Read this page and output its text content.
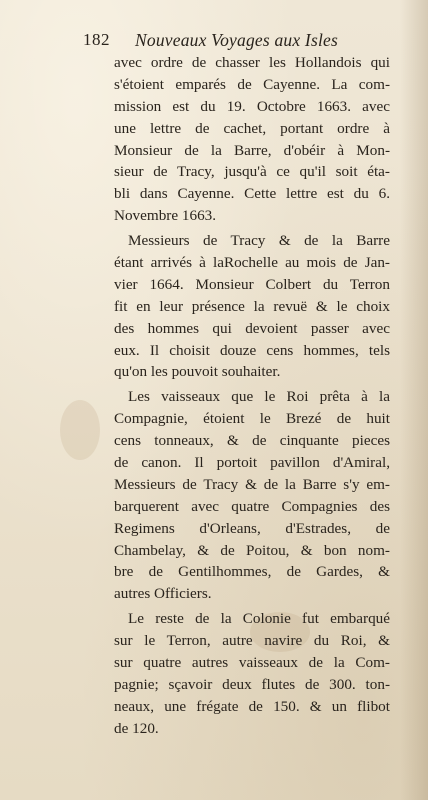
182 Nouveaux Voyages aux Isles
avec ordre de chasser les Hollandois qui
s'étoient emparés de Cayenne. La com-
mission est du 19. Octobre 1663. avec
une lettre de cachet, portant ordre à
Monsieur de la Barre, d'obéir à Mon-
sieur de Tracy, jusqu'à ce qu'il soit éta-
bli dans Cayenne. Cette lettre est du 6.
Novembre 1663.
Messieurs de Tracy & de la Barre
étant arrivés à laRochelle au mois de Jan-
vier 1664. Monsieur Colbert du Terron
fit en leur présence la revuë & le choix
des hommes qui devoient passer avec
eux. Il choisit douze cens hommes, tels
qu'on les pouvoit souhaiter.
Les vaisseaux que le Roi prêta à la
Compagnie, étoient le Brezé de huit
cens tonneaux, & de cinquante pieces
de canon. Il portoit pavillon d'Amiral,
Messieurs de Tracy & de la Barre s'y em-
barquerent avec quatre Compagnies des
Regimens d'Orleans, d'Estrades, de
Chambelay, & de Poitou, & bon nom-
bre de Gentilhommes, de Gardes, &
autres Officiers.
Le reste de la Colonie fut embarqué
sur le Terron, autre navire du Roi, &
sur quatre autres vaisseaux de la Com-
pagnie; sçavoir deux flutes de 300. ton-
neaux, une frégate de 150. & un flibot
de 120.
